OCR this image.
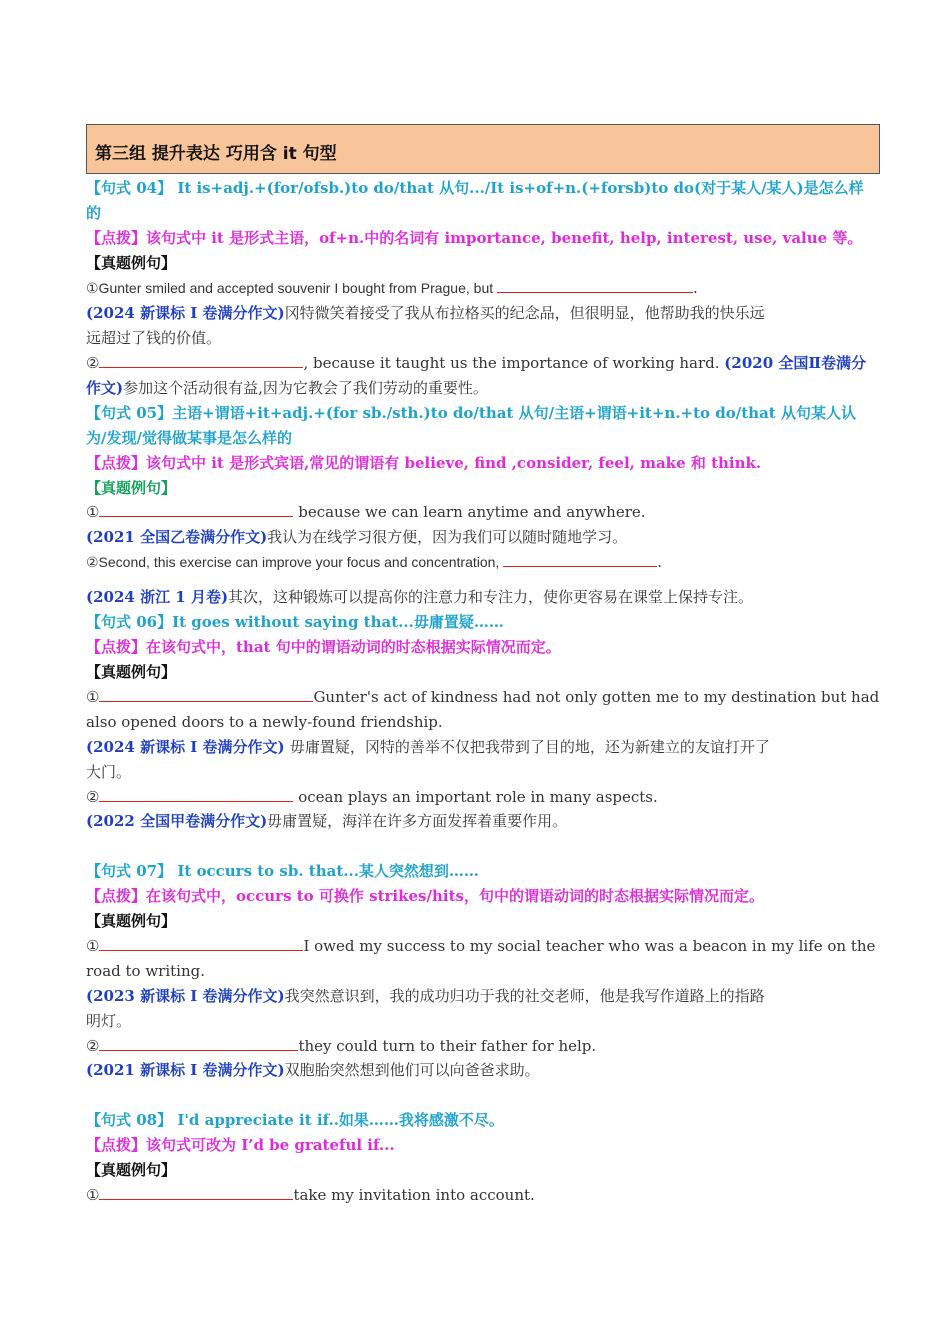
第三组 提升表达 巧用含 it 句型
【句式 04】 It is+adj.+(for/ofsb.)to do/that 从句.../It is+of+n.(+forsb)to do(对于某人/某人)是怎么样
的
【点拨】该句式中 it 是形式主语，of+n.中的名词有 importance, benefit, help, interest, use, value 等。
【真题例句】
①Gunter smiled and accepted souvenir I bought from Prague, but	.
(2024 新课标 I 卷满分作文)冈特微笑着接受了我从布拉格买的纪念品，但很明显，他帮助我的快乐远
远超过了钱的价值。
②	, because it taught us the importance of working hard. (2020 全国Ⅱ卷满分
作文)参加这个活动很有益,因为它教会了我们劳动的重要性。
【句式 05】主语+谓语+it+adj.+(for sb./sth.)to do/that 从句/主语+谓语+it+n.+to do/that 从句某人认
为/发现/觉得做某事是怎么样的
【点拨】该句式中 it 是形式宾语,常见的谓语有 believe, find ,consider, feel, make 和 think.
【真题例句】
①	because we can learn anytime and anywhere.
(2021 全国乙卷满分作文)我认为在线学习很方便，因为我们可以随时随地学习。
②Second, this exercise can improve your focus and concentration,	.
(2024 浙江 1 月卷)其次，这种锻炼可以提高你的注意力和专注力，使你更容易在课堂上保持专注。
【句式 06】It goes without saying that...毋庸置疑……
【点拨】在该句式中，that 句中的谓语动词的时态根据实际情况而定。
【真题例句】
①	Gunter's act of kindness had not only gotten me to my destination but had
also opened doors to a newly-found friendship.
(2024 新课标 I 卷满分作文) 毋庸置疑，冈特的善举不仅把我带到了目的地，还为新建立的友谊打开了
大门。
②	ocean plays an important role in many aspects.
(2022 全国甲卷满分作文)毋庸置疑，海洋在许多方面发挥着重要作用。
【句式 07】 It occurs to sb. that...某人突然想到……
【点拨】在该句式中，occurs to 可换作 strikes/hits，句中的谓语动词的时态根据实际情况而定。
【真题例句】
①	I owed my success to my social teacher who was a beacon in my life on the
road to writing.
(2023 新课标 I 卷满分作文)我突然意识到，我的成功归功于我的社交老师，他是我写作道路上的指路
明灯。
②	they could turn to their father for help.
(2021 新课标 I 卷满分作文)双胞胎突然想到他们可以向爸爸求助。
【句式 08】 I'd appreciate it if..如果……我将感激不尽。
【点拨】该句式可改为 I’d be grateful if...
【真题例句】
①	take my invitation into account.
